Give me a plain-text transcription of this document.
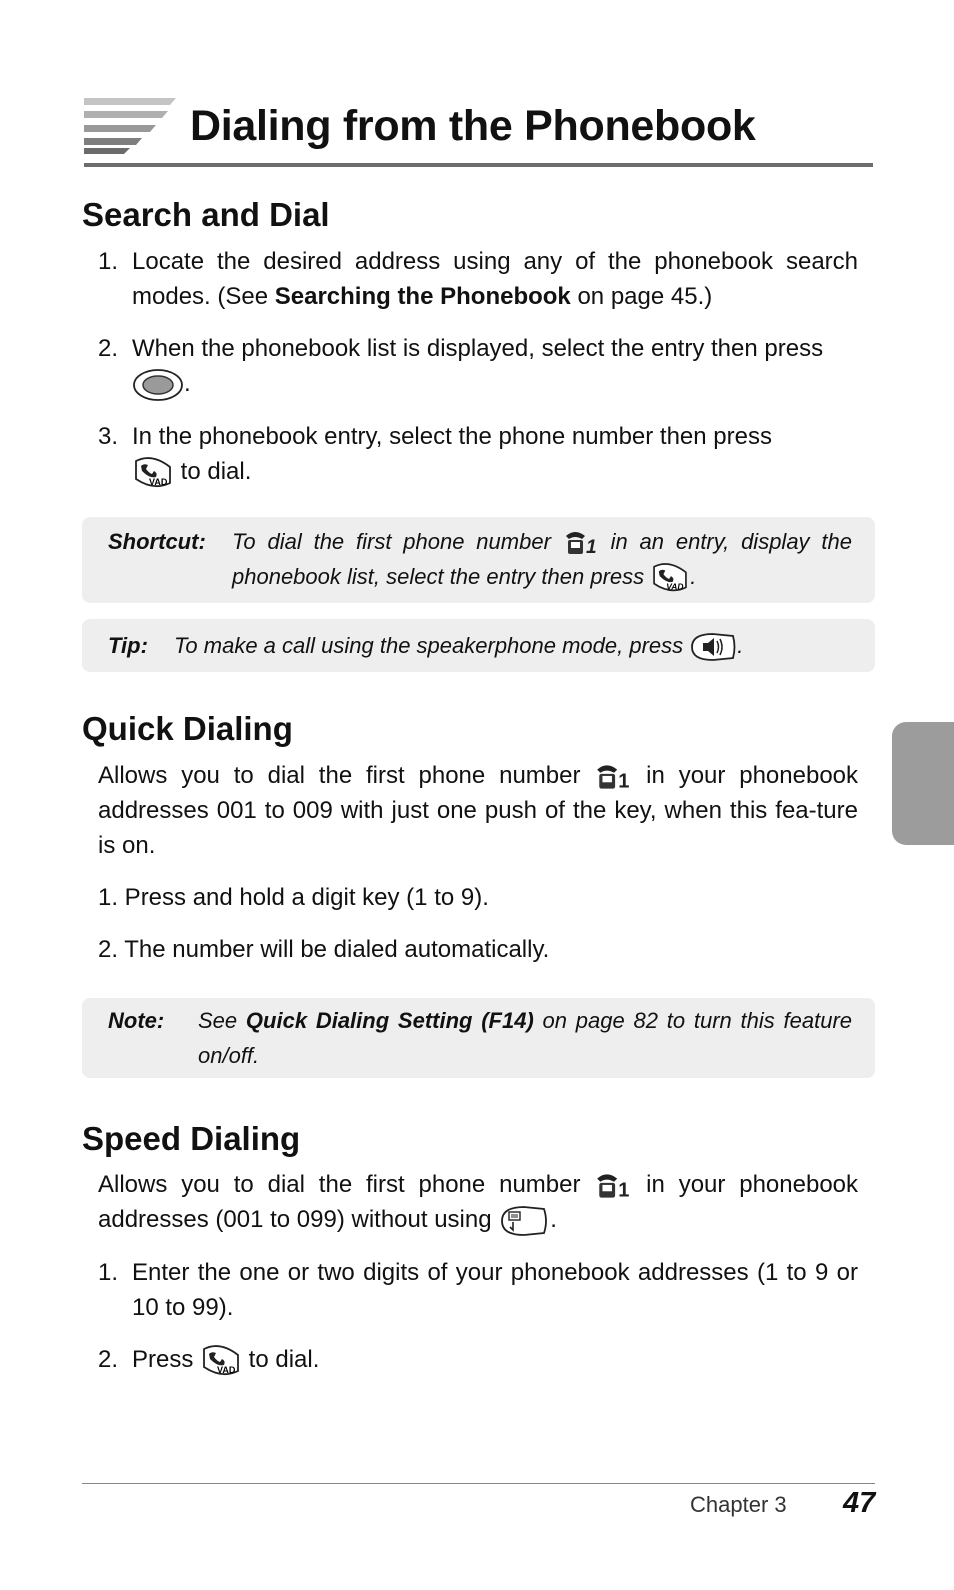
Dialing from the Phonebook
Search and Dial
1. Locate the desired address using any of the phonebook search modes. (See Searching the Phonebook on page 45.)
2. When the phonebook list is displayed, select the entry then press
.
3. In the phonebook entry, select the phone number then press

VAD to dial.
Shortcut: To dial the first phone number 1 in an entry, display the phonebook list, select the entry then press VAD .
Tip: To make a call using the speakerphone mode, press .
Quick Dialing
Allows you to dial the first phone number 1 in your phonebook addresses 001 to 009 with just one push of the key, when this fea-ture is on.
1. Press and hold a digit key (1 to 9).
2. The number will be dialed automatically.
Note: See Quick Dialing Setting (F14) on page 82 to turn this feature on/off.
Speed Dialing
Allows you to dial the first phone number 1 in your phonebook addresses (001 to 099) without using .
1. Enter the one or two digits of your phonebook addresses (1 to 9 or 10 to 99).
2. Press VAD to dial.
Chapter 3 47
